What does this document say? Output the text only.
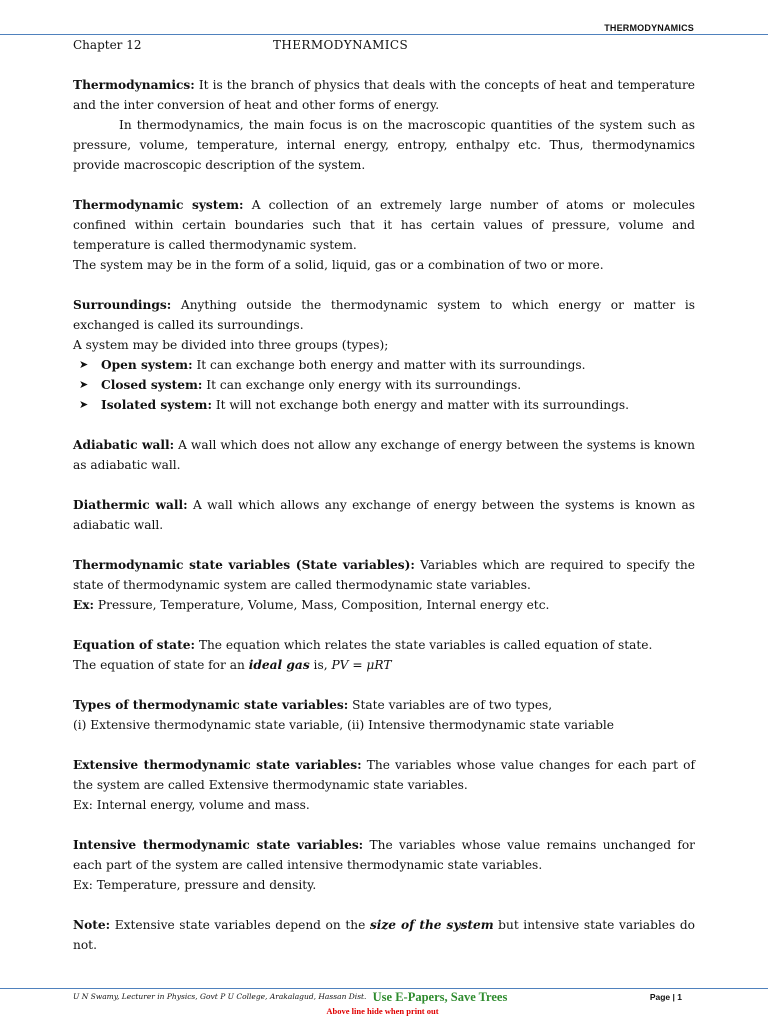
THERMODYNAMICS
Chapter 12	THERMODYNAMICS

Thermodynamics: It is the branch of physics that deals with the concepts of heat and temperature and the inter conversion of heat and other forms of energy.

In thermodynamics, the main focus is on the macroscopic quantities of the system such as pressure, volume, temperature, internal energy, entropy, enthalpy etc. Thus, thermodynamics provide macroscopic description of the system.

Thermodynamic system: A collection of an extremely large number of atoms or molecules confined within certain boundaries such that it has certain values of pressure, volume and temperature is called thermodynamic system.

The system may be in the form of a solid, liquid, gas or a combination of two or more.

Surroundings: Anything outside the thermodynamic system to which energy or matter is exchanged is called its surroundings.

A system may be divided into three groups (types);

➤ Open system: It can exchange both energy and matter with its surroundings.
➤ Closed system: It can exchange only energy with its surroundings.
➤ Isolated system: It will not exchange both energy and matter with its surroundings.

Adiabatic wall: A wall which does not allow any exchange of energy between the systems is known as adiabatic wall.

Diathermic wall: A wall which allows any exchange of energy between the systems is known as adiabatic wall.

Thermodynamic state variables (State variables): Variables which are required to specify the state of thermodynamic system are called thermodynamic state variables.

Ex: Pressure, Temperature, Volume, Mass, Composition, Internal energy etc.

Equation of state: The equation which relates the state variables is called equation of state.

The equation of state for an ideal gas is, PV = μRT

Types of thermodynamic state variables: State variables are of two types,

(i) Extensive thermodynamic state variable, (ii) Intensive thermodynamic state variable

Extensive thermodynamic state variables: The variables whose value changes for each part of the system are called Extensive thermodynamic state variables.

Ex: Internal energy, volume and mass.

Intensive thermodynamic state variables: The variables whose value remains unchanged for each part of the system are called intensive thermodynamic state variables.

Ex: Temperature, pressure and density.

Note: Extensive state variables depend on the size of the system but intensive state variables do not.

U N Swamy, Lecturer in Physics, Govt P U College, Arakalagud, Hassan Dist. Use E-Papers, Save Trees
Above line hide when print out
Page | 1
